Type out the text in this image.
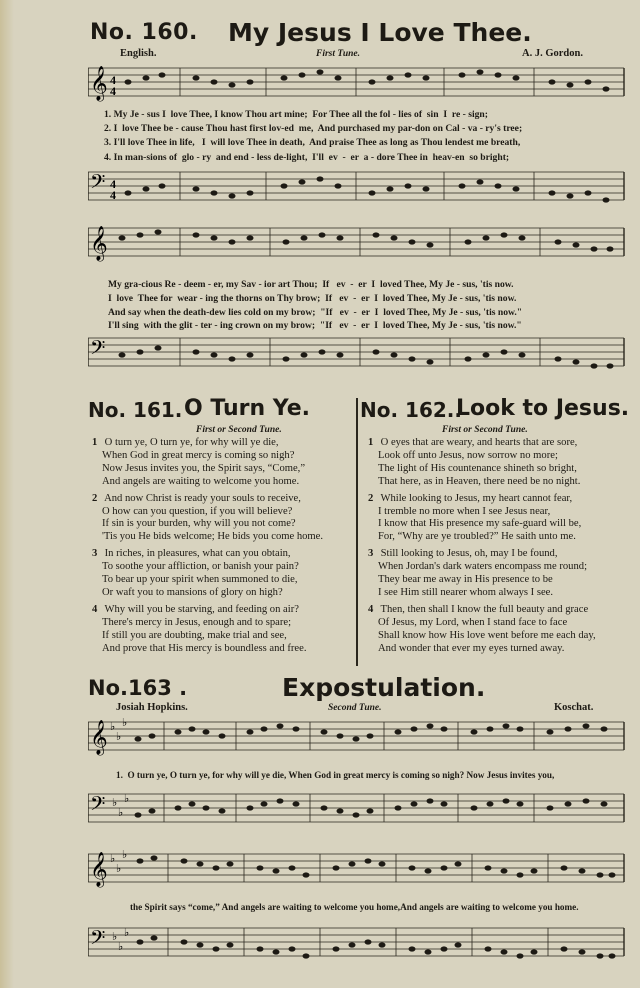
No. 160. My Jesus I Love Thee.
English.	First Tune.	A. J. Gordon.
𝄞 4
4
1. My Je - sus I  love Thee, I know Thou art mine;  For Thee all the fol - lies of  sin  I  re - sign;
2. I  love Thee be - cause Thou hast first lov-ed  me,  And purchased my par-don on Cal - va - ry's tree;
3. I'll love Thee in life,   I  will love Thee in death,  And praise Thee as long as Thou lendest me breath,
4. In man-sions of  glo - ry  and end - less de-light,  I'll  ev  -  er  a - dore Thee in  heav-en  so bright;
𝄢 4
4
𝄞
My gra-cious Re - deem - er, my Sav - ior art Thou;  If   ev  -  er  I  loved Thee, My Je - sus, 'tis now.
I  love  Thee for  wear - ing the thorns on Thy brow;  If   ev  -  er  I  loved Thee, My Je - sus, 'tis now.
And say when the death-dew lies cold on my brow;  "If   ev  -  er  I  loved Thee, My Je - sus, 'tis now."
I'll sing  with the glit - ter - ing crown on my brow;  "If   ev  -  er  I  loved Thee, My Je - sus, 'tis now."
𝄢
No. 161. O Turn Ye.
First or Second Tune.
1 O turn ye, O turn ye, for why will ye die,
When God in great mercy is coming so nigh?
Now Jesus invites you, the Spirit says, “Come,”
And angels are waiting to welcome you home.
2 And now Christ is ready your souls to receive,
O how can you question, if you will believe?
If sin is your burden, why will you not come?
'Tis you He bids welcome; He bids you come home.
3 In riches, in pleasures, what can you obtain,
To soothe your affliction, or banish your pain?
To bear up your spirit when summoned to die,
Or waft you to mansions of glory on high?
4 Why will you be starving, and feeding on air?
There's mercy in Jesus, enough and to spare;
If still you are doubting, make trial and see,
And prove that His mercy is boundless and free.
No. 162..
Look to Jesus.
First or Second Tune.
1 O eyes that are weary, and hearts that are sore,
Look off unto Jesus, now sorrow no more;
The light of His countenance shineth so bright,
That here, as in Heaven, there need be no night.
2 While looking to Jesus, my heart cannot fear,
I tremble no more when I see Jesus near,
I know that His presence my safe-guard will be,
For, “Why are ye troubled?” He saith unto me.
3 Still looking to Jesus, oh, may I be found,
When Jordan's dark waters encompass me round;
They bear me away in His presence to be
I see Him still nearer whom always I see.
4 Then, then shall I know the full beauty and grace
Of Jesus, my Lord, when I stand face to face
Shall know how His love went before me each day,
And wonder that ever my eyes turned away.
No.163 .	Expostulation.
Josiah Hopkins.	Second Tune.	Koschat.
𝄞 ♭
♭
♭
1.  O turn ye, O turn ye, for why will ye die, When God in great mercy is coming so nigh? Now Jesus invites you,
𝄢 ♭
♭
♭
𝄞 ♭
♭
♭
the Spirit says “come,” And angels are waiting to welcome you home,And angels are waiting to welcome you home.
𝄢 ♭
♭
♭
